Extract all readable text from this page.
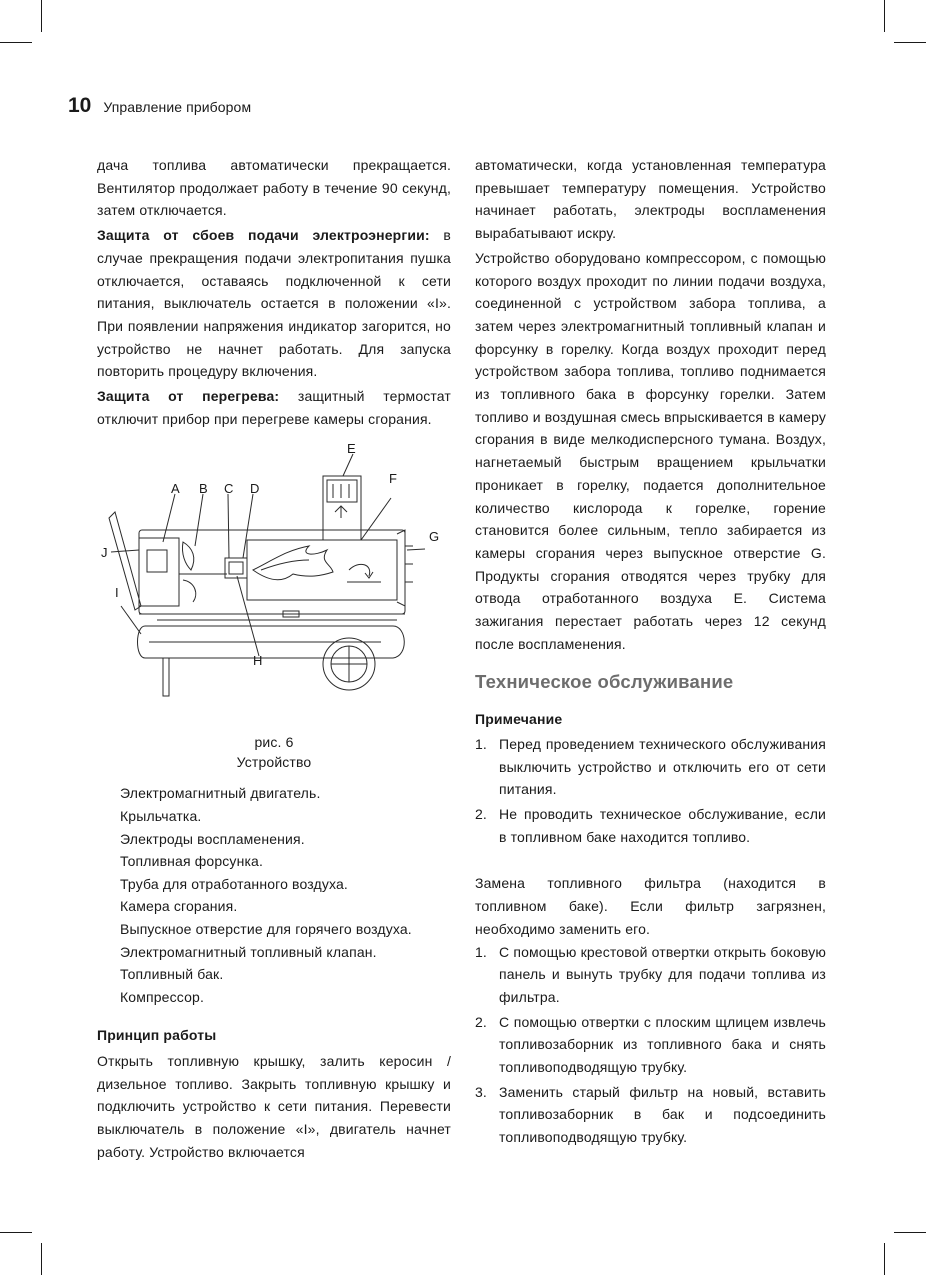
10 Управление прибором

дача топлива автоматически прекращается. Вентилятор продолжает работу в течение 90 секунд, затем отключается.

Защита от сбоев подачи электроэнергии: в случае прекращения подачи электропитания пушка отключается, оставаясь подключенной к сети питания, выключатель остается в положении «I». При появлении напряжения индикатор загорится, но устройство не начнет работать. Для запуска повторить процедуру включения.

Защита от перегрева: защитный термостат отключит прибор при перегреве камеры сгорания.

A B C D
E
F
G
H
I
J
рис. 6
Устройство
Электромагнитный двигатель.
Крыльчатка.
Электроды воспламенения.
Топливная форсунка.
Труба для отработанного воздуха.
Камера сгорания.
Выпускное отверстие для горячего воздуха.
Электромагнитный топливный клапан.
Топливный бак.
Компрессор.
Принцип работы

Открыть топливную крышку, залить керосин / дизельное топливо. Закрыть топливную крышку и подключить устройство к сети питания. Перевести выключатель в положение «I», двигатель начнет работу. Устройство включается

автоматически, когда установленная температура превышает температуру помещения. Устройство начинает работать, электроды воспламенения вырабатывают искру.

Устройство оборудовано компрессором, с помощью которого воздух проходит по линии подачи воздуха, соединенной с устройством забора топлива, а затем через электромагнитный топливный клапан и форсунку в горелку. Когда воздух проходит перед устройством забора топлива, топливо поднимается из топливного бака в форсунку горелки. Затем топливо и воздушная смесь впрыскивается в камеру сгорания в виде мелкодисперсного тумана. Воздух, нагнетаемый быстрым вращением крыльчатки проникает в горелку, подается дополнительное количество кислорода к горелке, горение становится более сильным, тепло забирается из камеры сгорания через выпускное отверстие G. Продукты сгорания отводятся через трубку для отвода отработанного воздуха E. Система зажигания перестает работать через 12 секунд после воспламенения.

Техническое обслуживание
Примечание
1. Перед проведением технического обслуживания выключить устройство и отключить его от сети питания.
2. Не проводить техническое обслуживание, если в топливном баке находится топливо.

Замена топливного фильтра (находится в топливном баке). Если фильтр загрязнен, необходимо заменить его.

1. С помощью крестовой отвертки открыть боковую панель и вынуть трубку для подачи топлива из фильтра.
2. С помощью отвертки с плоским щлицем извлечь топливозаборник из топливного бака и снять топливоподводящую трубку.
3. Заменить старый фильтр на новый, вставить топливозаборник в бак и подсоединить топливоподводящую трубку.
